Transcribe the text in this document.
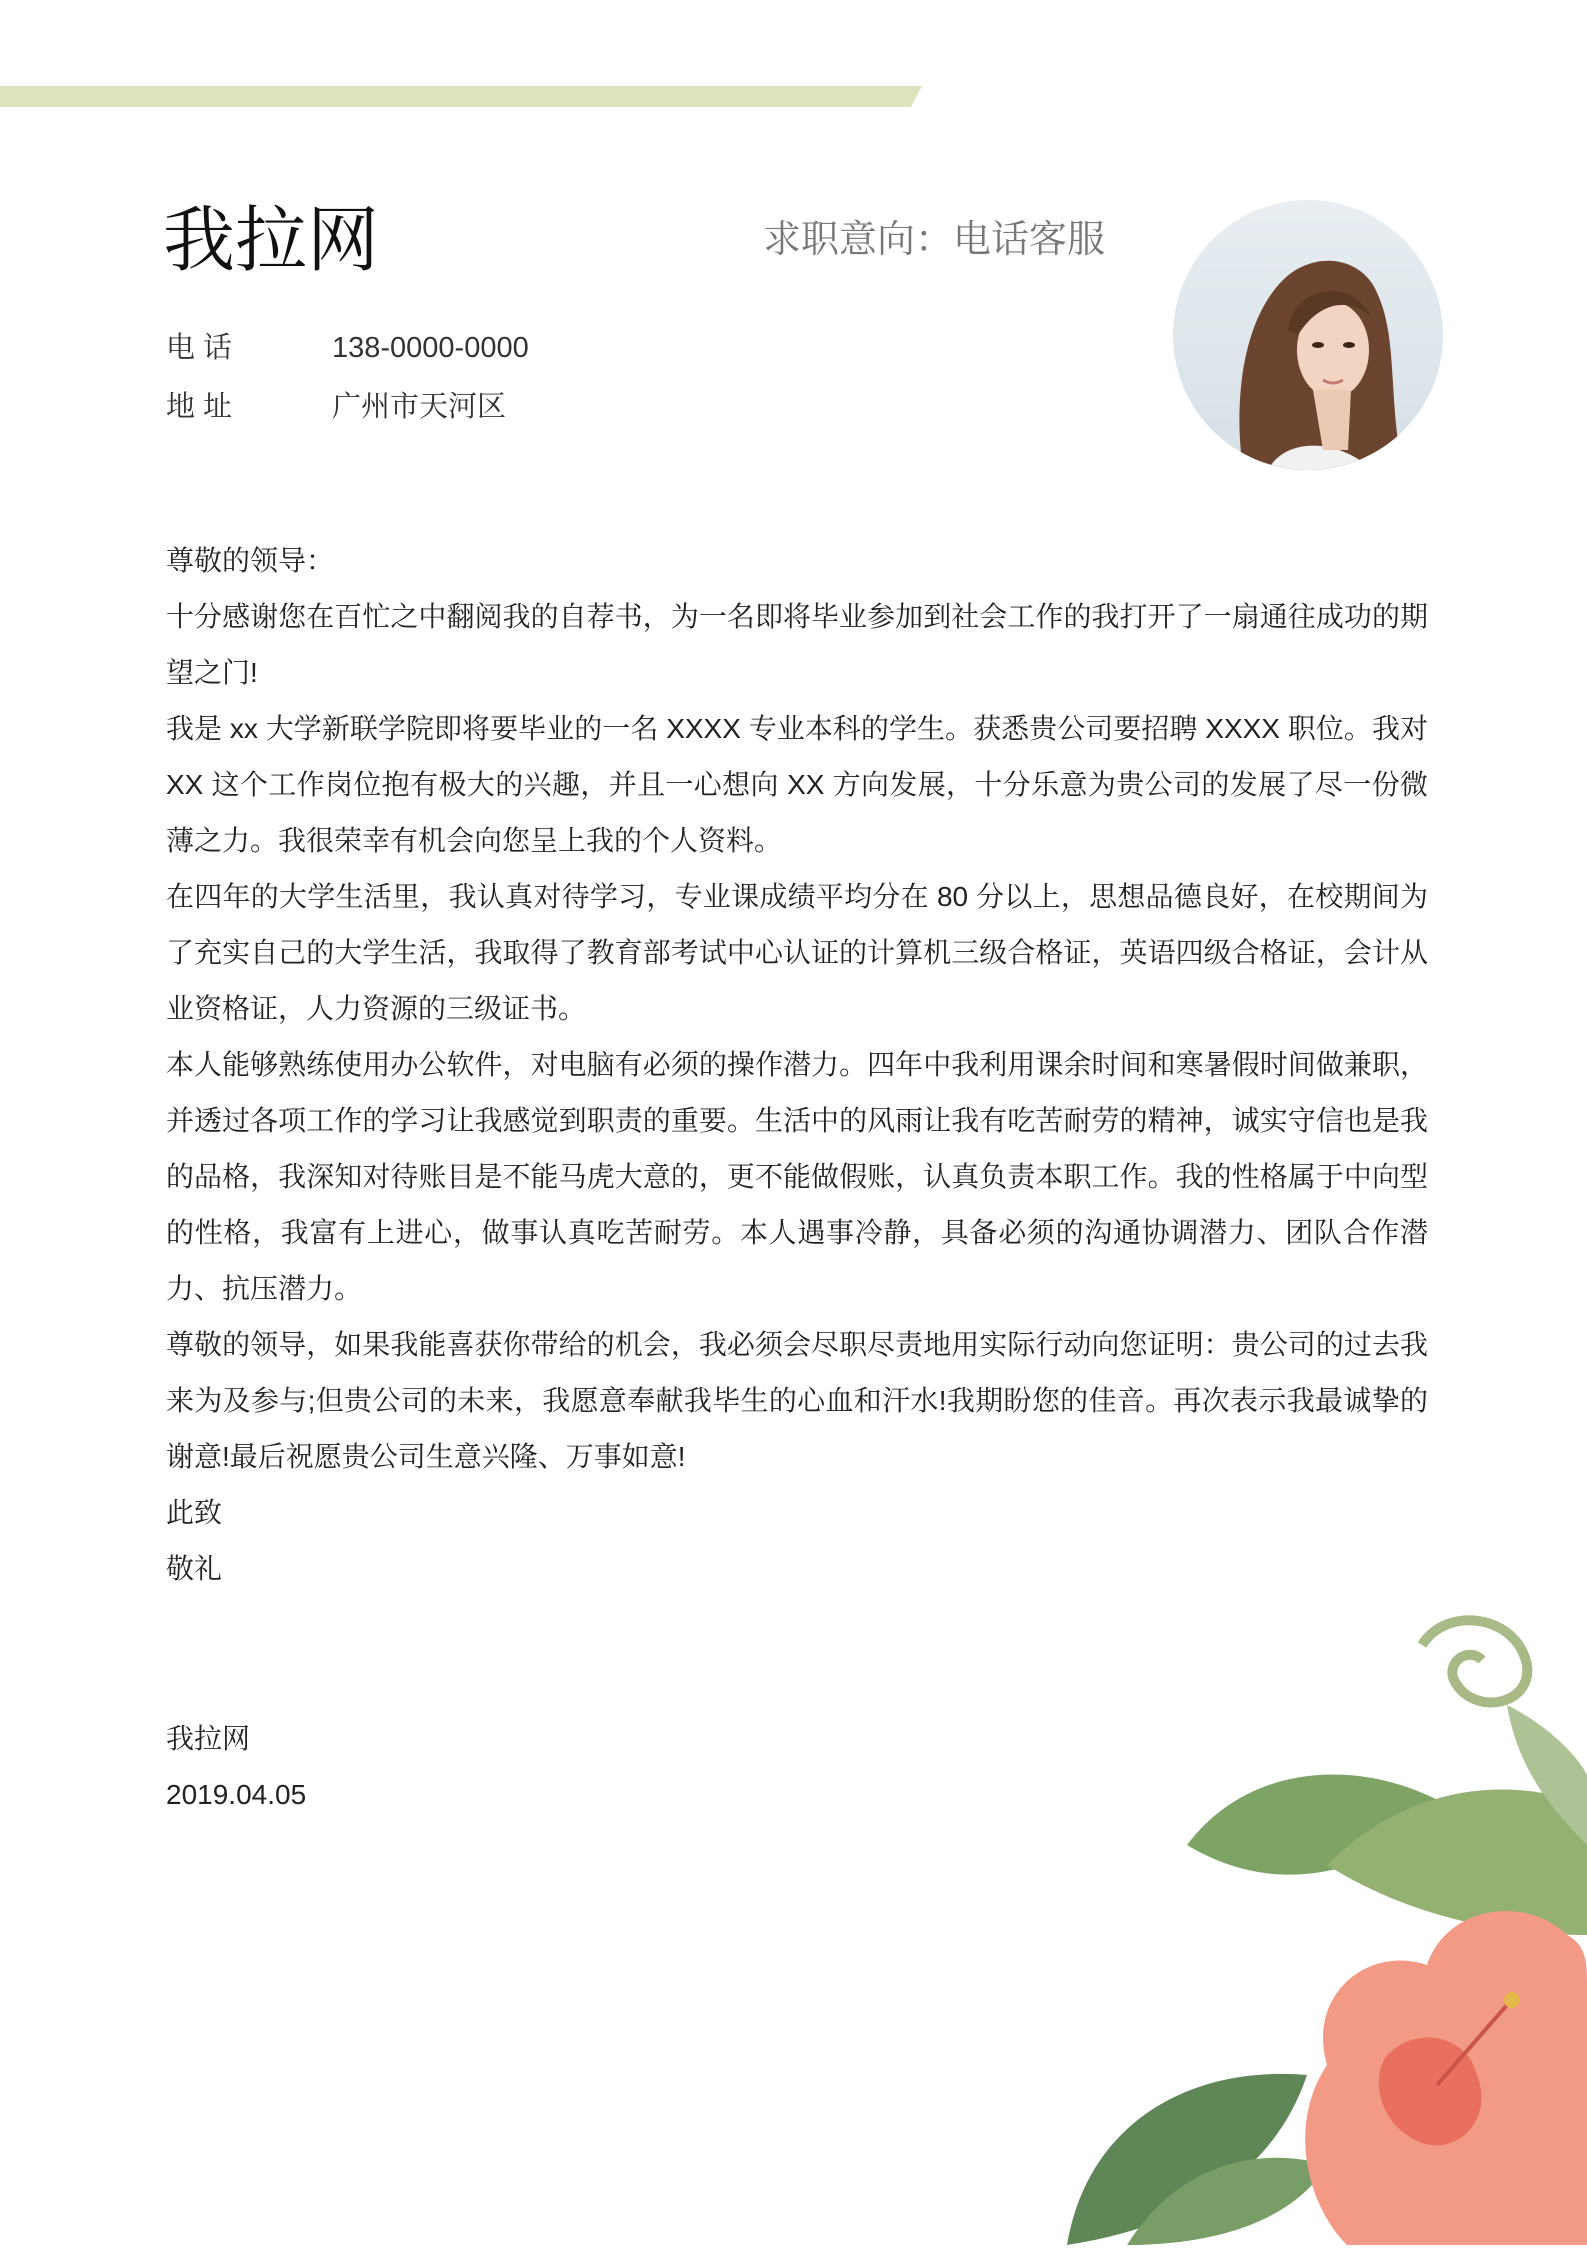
我拉网	求职意向：电话客服
电 话	138-0000-0000
地 址	广州市天河区

尊敬的领导：

十分感谢您在百忙之中翻阅我的自荐书，为一名即将毕业参加到社会工作的我打开了一扇通往成功的期望之门!

我是 xx 大学新联学院即将要毕业的一名 XXXX 专业本科的学生。获悉贵公司要招聘 XXXX 职位。我对 XX 这个工作岗位抱有极大的兴趣，并且一心想向 XX 方向发展，十分乐意为贵公司的发展了尽一份微薄之力。我很荣幸有机会向您呈上我的个人资料。

在四年的大学生活里，我认真对待学习，专业课成绩平均分在 80 分以上，思想品德良好，在校期间为了充实自己的大学生活，我取得了教育部考试中心认证的计算机三级合格证，英语四级合格证，会计从业资格证，人力资源的三级证书。

本人能够熟练使用办公软件，对电脑有必须的操作潜力。四年中我利用课余时间和寒暑假时间做兼职，并透过各项工作的学习让我感觉到职责的重要。生活中的风雨让我有吃苦耐劳的精神，诚实守信也是我的品格，我深知对待账目是不能马虎大意的，更不能做假账，认真负责本职工作。我的性格属于中向型的性格，我富有上进心，做事认真吃苦耐劳。本人遇事冷静，具备必须的沟通协调潜力、团队合作潜力、抗压潜力。

尊敬的领导，如果我能喜获你带给的机会，我必须会尽职尽责地用实际行动向您证明：贵公司的过去我来为及参与;但贵公司的未来，我愿意奉献我毕生的心血和汗水!我期盼您的佳音。再次表示我最诚挚的谢意!最后祝愿贵公司生意兴隆、万事如意!

此致

敬礼

我拉网
2019.04.05
